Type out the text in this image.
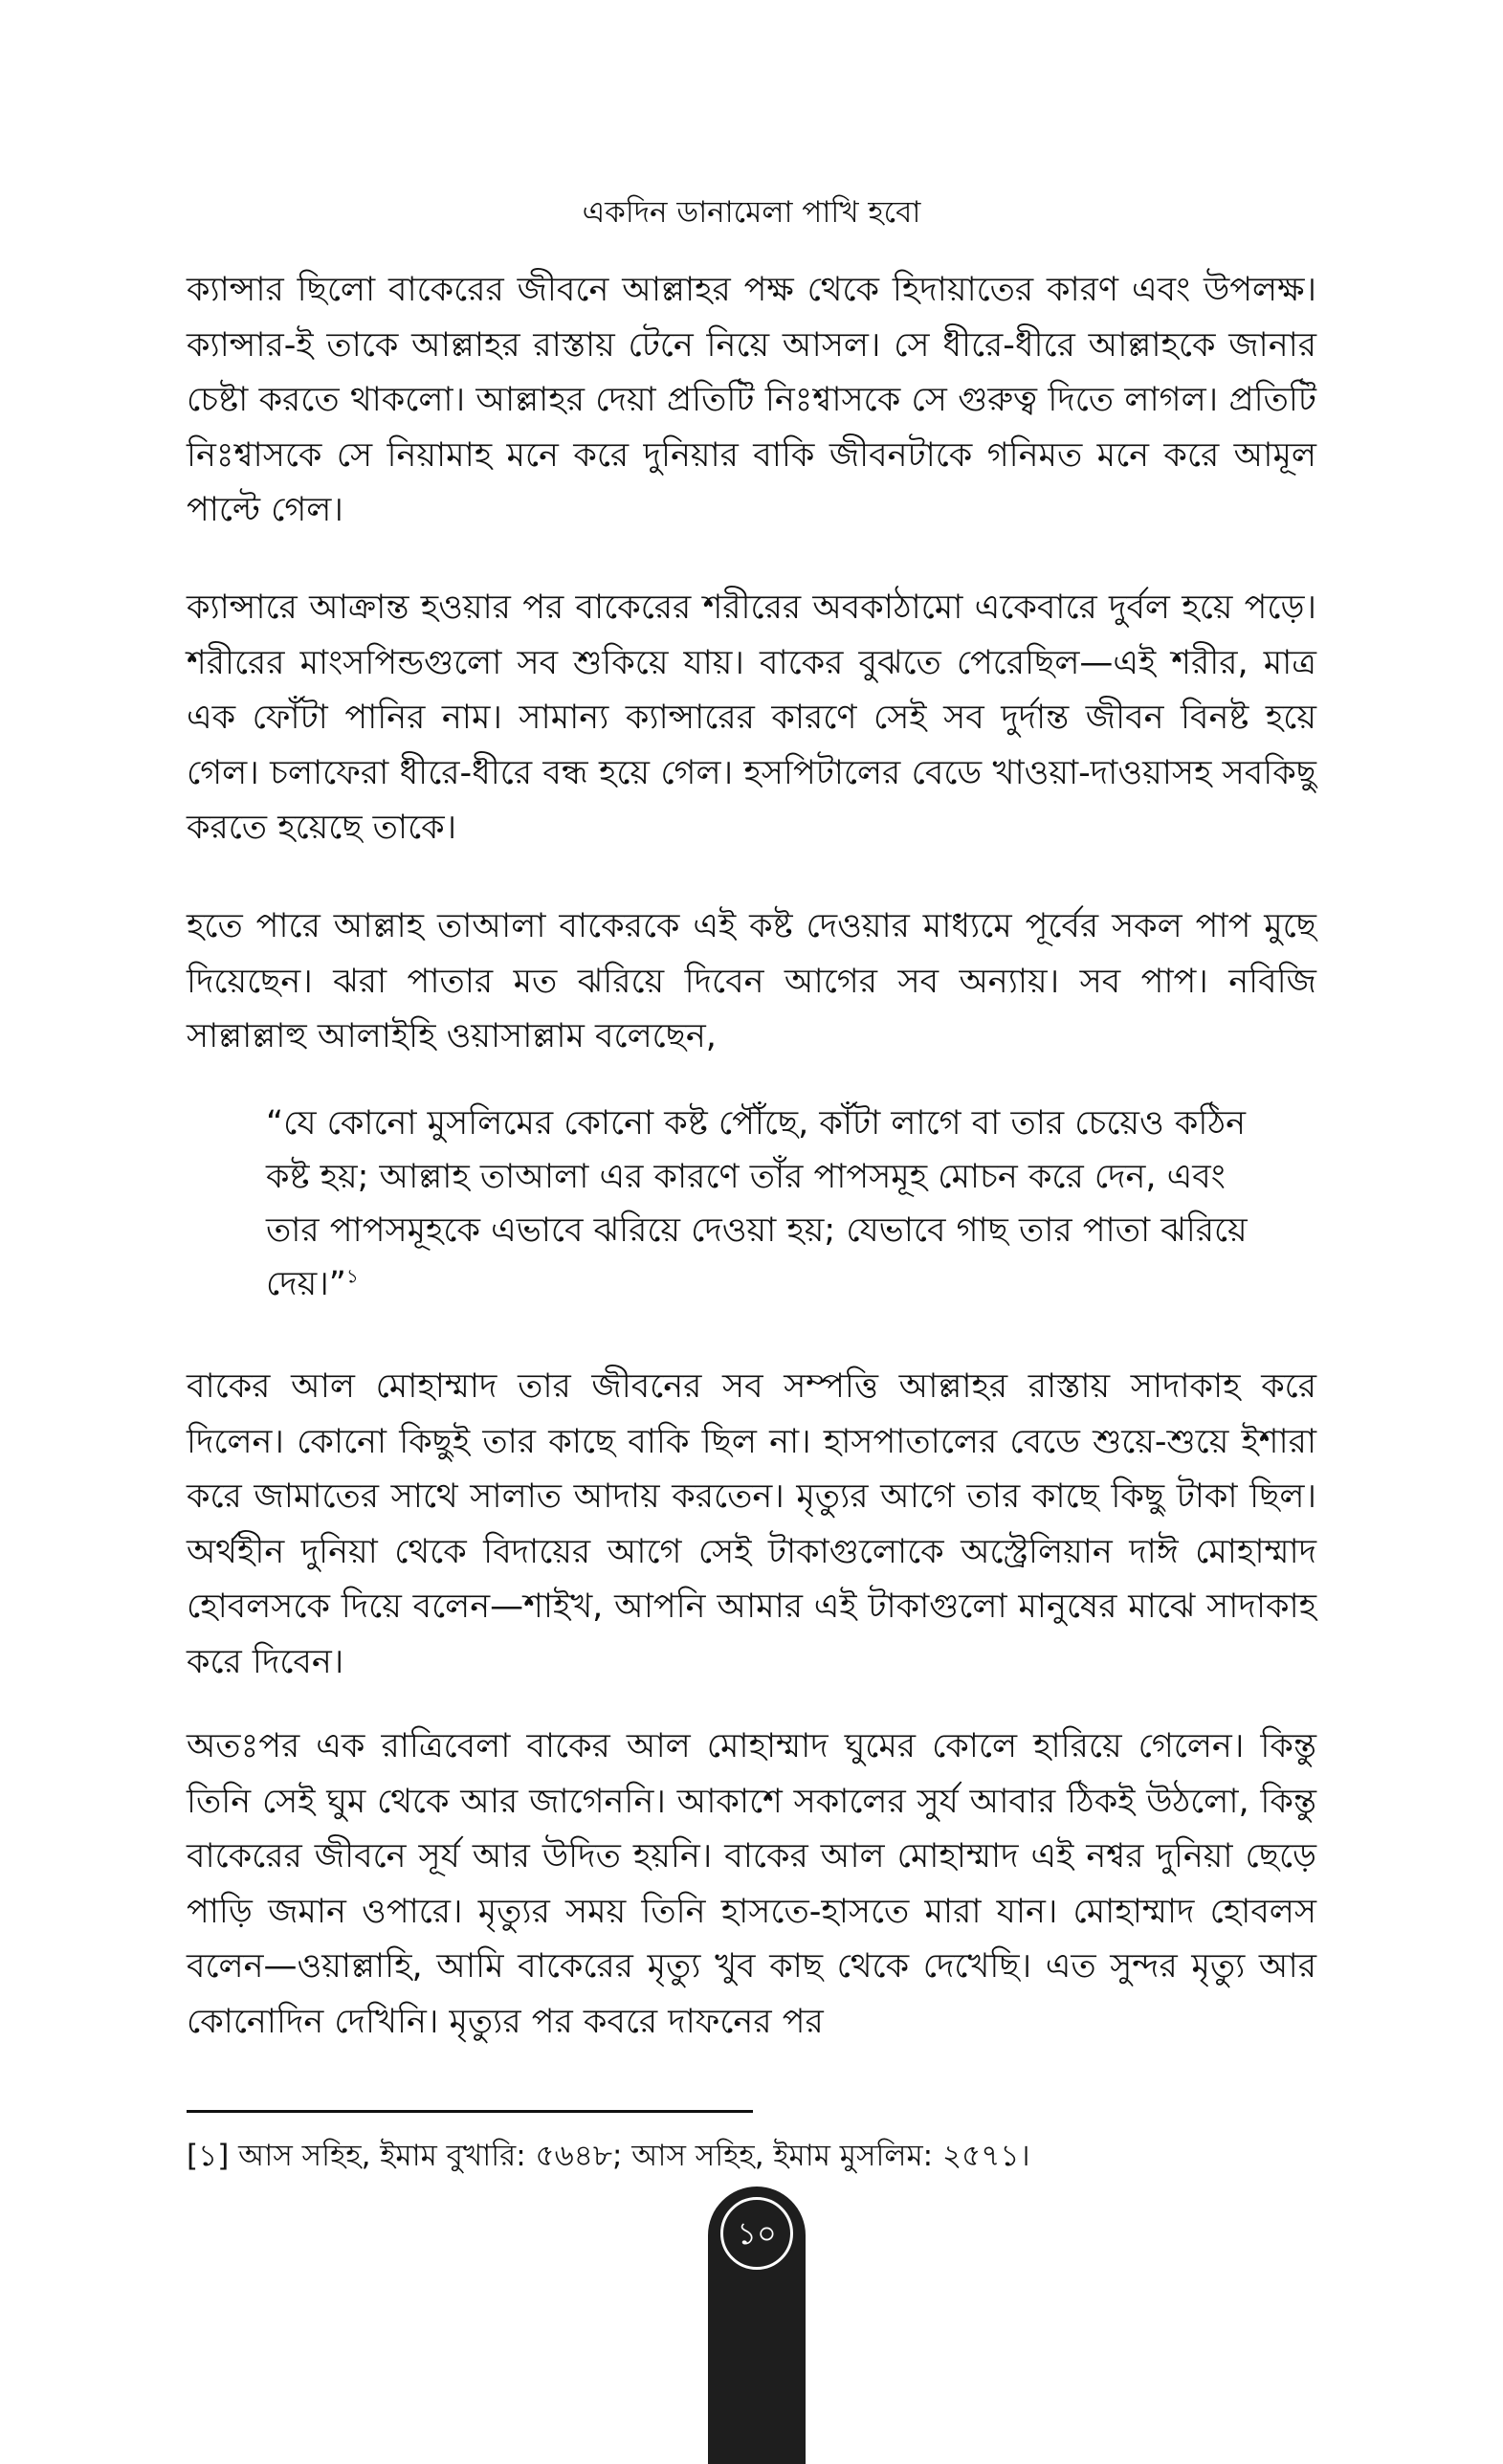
একদিন ডানামেলা পাখি হবো

ক্যান্সার ছিলো বাকেরের জীবনে আল্লাহর পক্ষ থেকে হিদায়াতের কারণ এবং উপলক্ষ। ক্যান্সার-ই তাকে আল্লাহর রাস্তায় টেনে নিয়ে আসল। সে ধীরে-ধীরে আল্লাহকে জানার চেষ্টা করতে থাকলো। আল্লাহর দেয়া প্রতিটি নিঃশ্বাসকে সে গুরুত্ব দিতে লাগল। প্রতিটি নিঃশ্বাসকে সে নিয়ামাহ মনে করে দুনিয়ার বাকি জীবনটাকে গনিমত মনে করে আমূল পাল্টে গেল।

ক্যান্সারে আক্রান্ত হওয়ার পর বাকেরের শরীরের অবকাঠামো একেবারে দুর্বল হয়ে পড়ে। শরীরের মাংসপিন্ডগুলো সব শুকিয়ে যায়। বাকের বুঝতে পেরেছিল—এই শরীর, মাত্র এক ফোঁটা পানির নাম। সামান্য ক্যান্সারের কারণে সেই সব দুর্দান্ত জীবন বিনষ্ট হয়ে গেল। চলাফেরা ধীরে-ধীরে বন্ধ হয়ে গেল। হসপিটালের বেডে খাওয়া-দাওয়াসহ সবকিছু করতে হয়েছে তাকে।

হতে পারে আল্লাহ তাআলা বাকেরকে এই কষ্ট দেওয়ার মাধ্যমে পূর্বের সকল পাপ মুছে দিয়েছেন। ঝরা পাতার মত ঝরিয়ে দিবেন আগের সব অন্যায়। সব পাপ। নবিজি সাল্লাল্লাহু আলাইহি ওয়াসাল্লাম বলেছেন,

“যে কোনো মুসলিমের কোনো কষ্ট পৌঁছে, কাঁটা লাগে বা তার চেয়েও কঠিন কষ্ট হয়; আল্লাহ তাআলা এর কারণে তাঁর পাপসমূহ মোচন করে দেন, এবং তার পাপসমূহকে এভাবে ঝরিয়ে দেওয়া হয়; যেভাবে গাছ তার পাতা ঝরিয়ে দেয়।”$^১$

বাকের আল মোহাম্মাদ তার জীবনের সব সম্পত্তি আল্লাহর রাস্তায় সাদাকাহ করে দিলেন। কোনো কিছুই তার কাছে বাকি ছিল না। হাসপাতালের বেডে শুয়ে-শুয়ে ইশারা করে জামাতের সাথে সালাত আদায় করতেন। মৃত্যুর আগে তার কাছে কিছু টাকা ছিল। অর্থহীন দুনিয়া থেকে বিদায়ের আগে সেই টাকাগুলোকে অস্ট্রেলিয়ান দাঈ মোহাম্মাদ হোবলসকে দিয়ে বলেন—শাইখ, আপনি আমার এই টাকাগুলো মানুষের মাঝে সাদাকাহ করে দিবেন।

অতঃপর এক রাত্রিবেলা বাকের আল মোহাম্মাদ ঘুমের কোলে হারিয়ে গেলেন। কিন্তু তিনি সেই ঘুম থেকে আর জাগেননি। আকাশে সকালের সুর্য আবার ঠিকই উঠলো, কিন্তু বাকেরের জীবনে সূর্য আর উদিত হয়নি। বাকের আল মোহাম্মাদ এই নশ্বর দুনিয়া ছেড়ে পাড়ি জমান ওপারে। মৃত্যুর সময় তিনি হাসতে-হাসতে মারা যান। মোহাম্মাদ হোবলস বলেন—ওয়াল্লাহি, আমি বাকেরের মৃত্যু খুব কাছ থেকে দেখেছি। এত সুন্দর মৃত্যু আর কোনোদিন দেখিনি। মৃত্যুর পর কবরে দাফনের পর

[১] আস সহিহ, ইমাম বুখারি: ৫৬৪৮; আস সহিহ, ইমাম মুসলিম: ২৫৭১।
১০
